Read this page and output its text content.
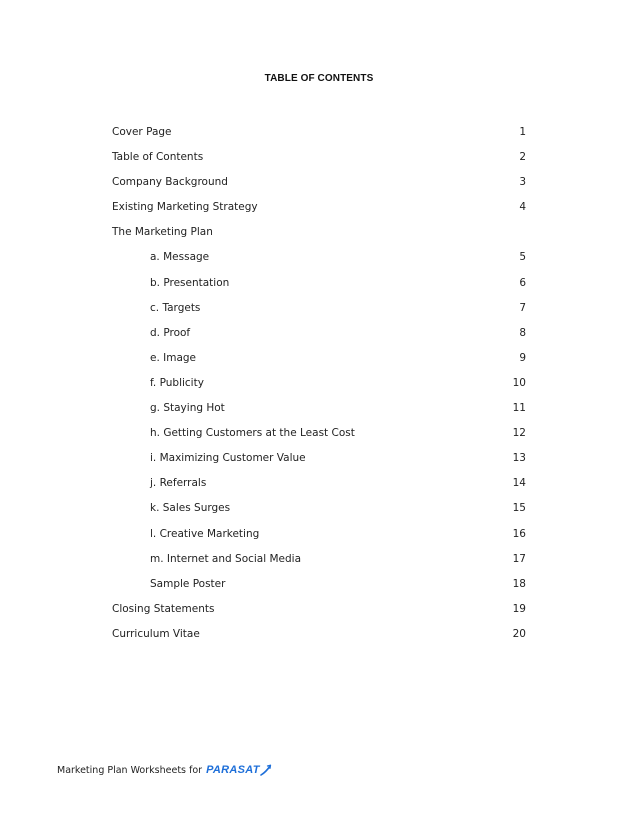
TABLE OF CONTENTS
Cover Page	1
Table of Contents	2
Company Background	3
Existing Marketing Strategy	4
The Marketing Plan
a. Message	5
b. Presentation	6
c. Targets	7
d. Proof	8
e. Image	9
f. Publicity	10
g. Staying Hot	11
h. Getting Customers at the Least Cost	12
i. Maximizing Customer Value	13
j. Referrals	14
k. Sales Surges	15
l. Creative Marketing	16
m. Internet and Social Media	17
Sample Poster	18
Closing Statements	19
Curriculum Vitae	20
Marketing Plan Worksheets for PARASAT
